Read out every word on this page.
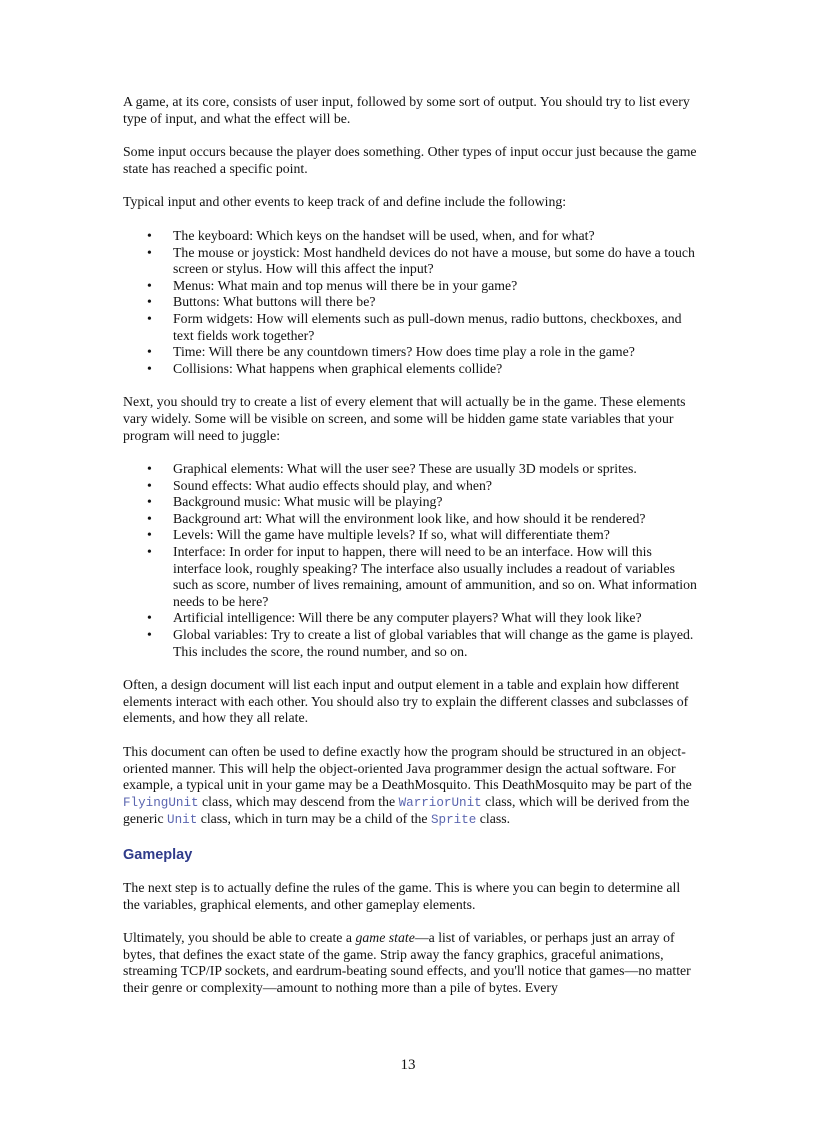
A game, at its core, consists of user input, followed by some sort of output. You should try to list every type of input, and what the effect will be.

Some input occurs because the player does something. Other types of input occur just because the game state has reached a specific point.

Typical input and other events to keep track of and define include the following:

• The keyboard: Which keys on the handset will be used, when, and for what?
• The mouse or joystick: Most handheld devices do not have a mouse, but some do have a touch screen or stylus. How will this affect the input?
• Menus: What main and top menus will there be in your game?
• Buttons: What buttons will there be?
• Form widgets: How will elements such as pull-down menus, radio buttons, checkboxes, and text fields work together?
• Time: Will there be any countdown timers? How does time play a role in the game?
• Collisions: What happens when graphical elements collide?

Next, you should try to create a list of every element that will actually be in the game. These elements vary widely. Some will be visible on screen, and some will be hidden game state variables that your program will need to juggle:

• Graphical elements: What will the user see? These are usually 3D models or sprites.
• Sound effects: What audio effects should play, and when?
• Background music: What music will be playing?
• Background art: What will the environment look like, and how should it be rendered?
• Levels: Will the game have multiple levels? If so, what will differentiate them?
• Interface: In order for input to happen, there will need to be an interface. How will this interface look, roughly speaking? The interface also usually includes a readout of variables such as score, number of lives remaining, amount of ammunition, and so on. What information needs to be here?
• Artificial intelligence: Will there be any computer players? What will they look like?
• Global variables: Try to create a list of global variables that will change as the game is played. This includes the score, the round number, and so on.

Often, a design document will list each input and output element in a table and explain how different elements interact with each other. You should also try to explain the different classes and subclasses of elements, and how they all relate.

This document can often be used to define exactly how the program should be structured in an object-oriented manner. This will help the object-oriented Java programmer design the actual software. For example, a typical unit in your game may be a DeathMosquito. This DeathMosquito may be part of the FlyingUnit class, which may descend from the WarriorUnit class, which will be derived from the generic Unit class, which in turn may be a child of the Sprite class.

Gameplay

The next step is to actually define the rules of the game. This is where you can begin to determine all the variables, graphical elements, and other gameplay elements.

Ultimately, you should be able to create a game state—a list of variables, or perhaps just an array of bytes, that defines the exact state of the game. Strip away the fancy graphics, graceful animations, streaming TCP/IP sockets, and eardrum-beating sound effects, and you'll notice that games—no matter their genre or complexity—amount to nothing more than a pile of bytes. Every

13
